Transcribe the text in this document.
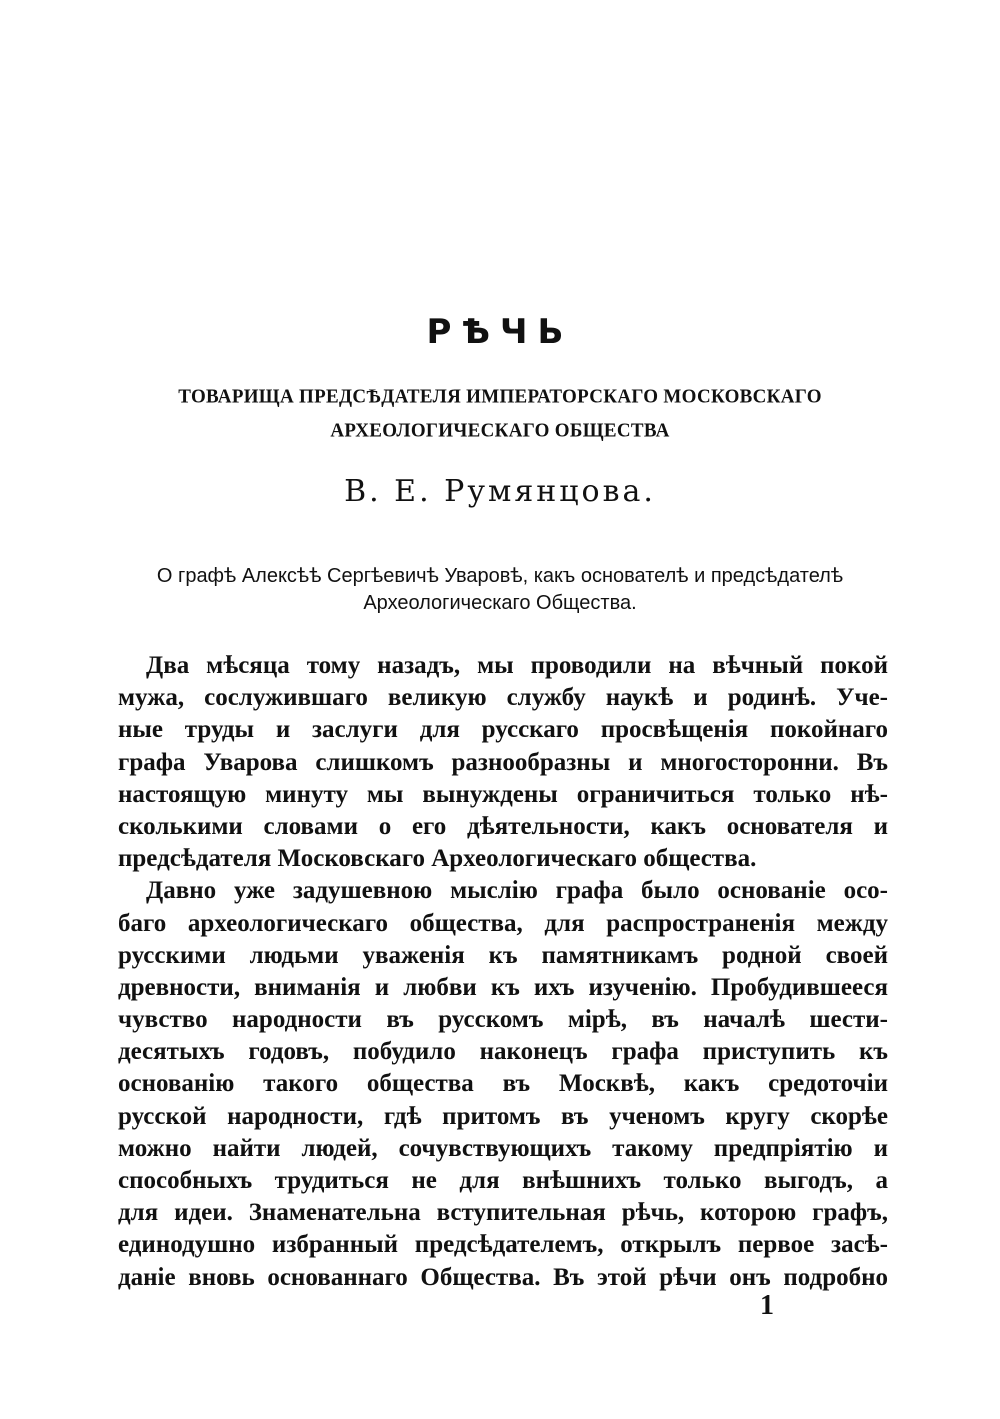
РѢЧЬ
ТОВАРИЩА ПРЕДСѢДАТЕЛЯ ИМПЕРАТОРСКАГО МОСКОВСКАГО
АРХЕОЛОГИЧЕСКАГО ОБЩЕСТВА
В. Е. Румянцова.
О графѣ Алексѣѣ Сергѣевичѣ Уваровѣ, какъ основателѣ и предсѣдателѣ
Археологическаго Общества.
Два мѣсяца тому назадъ, мы проводили на вѣчный покой
мужа, сослужившаго великую службу наукѣ и родинѣ. Уче-
ные труды и заслуги для русскаго просвѣщенія покойнаго
графа Уварова слишкомъ разнообразны и многосторонни. Въ
настоящую минуту мы вынуждены ограничиться только нѣ-
сколькими словами о его дѣятельности, какъ основателя и
предсѣдателя Московскаго Археологическаго общества.
Давно уже задушевною мыслію графа было основаніе осо-
баго археологическаго общества, для распространенія между
русскими людьми уваженія къ памятникамъ родной своей
древности, вниманія и любви къ ихъ изученію. Пробудившееся
чувство народности въ русскомъ мірѣ, въ началѣ шести-
десятыхъ годовъ, побудило наконецъ графа приступить къ
основанію такого общества въ Москвѣ, какъ средоточіи
русской народности, гдѣ притомъ въ ученомъ кругу скорѣе
можно найти людей, сочувствующихъ такому предпріятію и
способныхъ трудиться не для внѣшнихъ только выгодъ, а
для идеи. Знаменательна вступительная рѣчь, которою графъ,
единодушно избранный предсѣдателемъ, открылъ первое засѣ-
даніе вновь основаннаго Общества. Въ этой рѣчи онъ подробно
1
